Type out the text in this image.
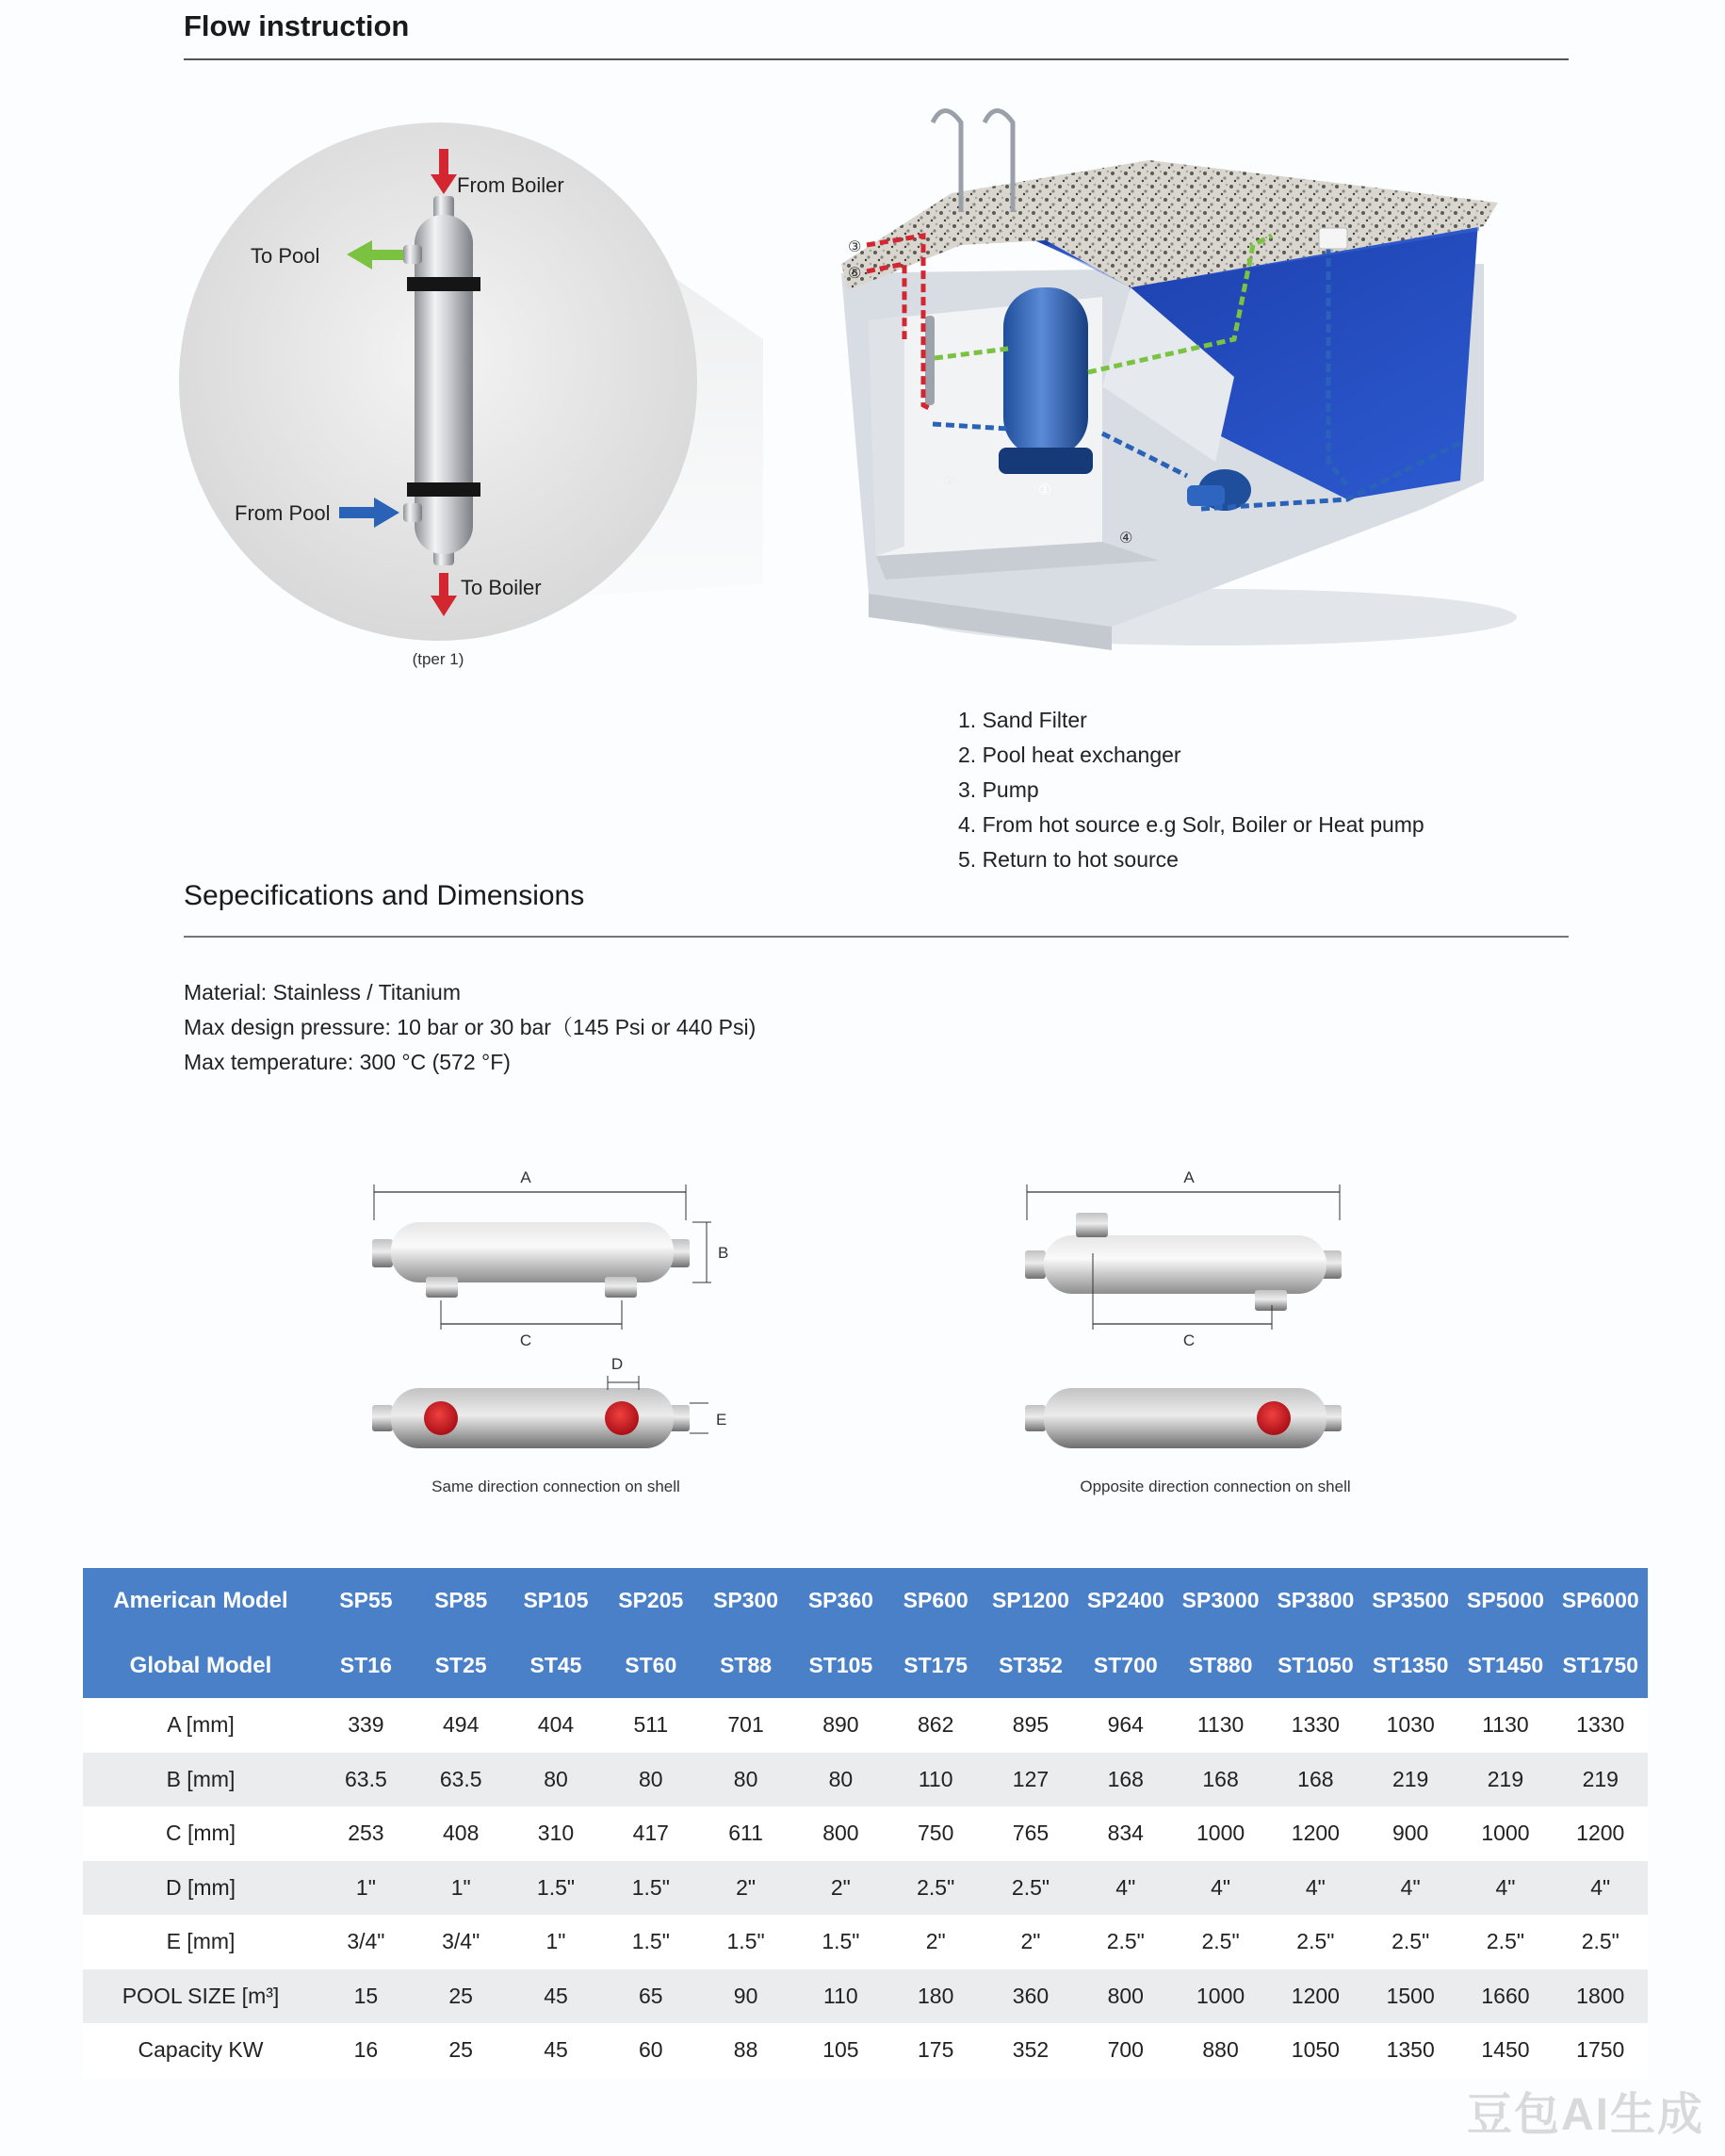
Flow instruction
From Boiler
To Pool
From Pool
To Boiler
(tper 1)
③
⑤
②
①
④
1. Sand Filter
2. Pool heat exchanger
3. Pump
4. From hot source e.g Solr, Boiler or Heat pump
5. Return to hot source
Sepecifications and Dimensions
Material: Stainless / Titanium
Max design pressure: 10 bar or 30 bar（145 Psi or 440 Psi)
Max temperature: 300 °C (572 °F)
A
B
C
D
E
A
C
Same direction connection on shell	Opposite direction connection on shell
American Model	SP55	SP85	SP105	SP205	SP300	SP360	SP600	SP1200	SP2400	SP3000	SP3800	SP3500	SP5000	SP6000
Global Model	ST16	ST25	ST45	ST60	ST88	ST105	ST175	ST352	ST700	ST880	ST1050	ST1350	ST1450	ST1750
A [mm]	339	494	404	511	701	890	862	895	964	1130	1330	1030	1130	1330
B [mm]	63.5	63.5	80	80	80	80	110	127	168	168	168	219	219	219
C [mm]	253	408	310	417	611	800	750	765	834	1000	1200	900	1000	1200
D [mm]	1"	1"	1.5"	1.5"	2"	2"	2.5"	2.5"	4"	4"	4"	4"	4"	4"
E [mm]	3/4"	3/4"	1"	1.5"	1.5"	1.5"	2"	2"	2.5"	2.5"	2.5"	2.5"	2.5"	2.5"
POOL SIZE [m³]	15	25	45	65	90	110	180	360	800	1000	1200	1500	1660	1800
Capacity KW	16	25	45	60	88	105	175	352	700	880	1050	1350	1450	1750
豆包AI生成
